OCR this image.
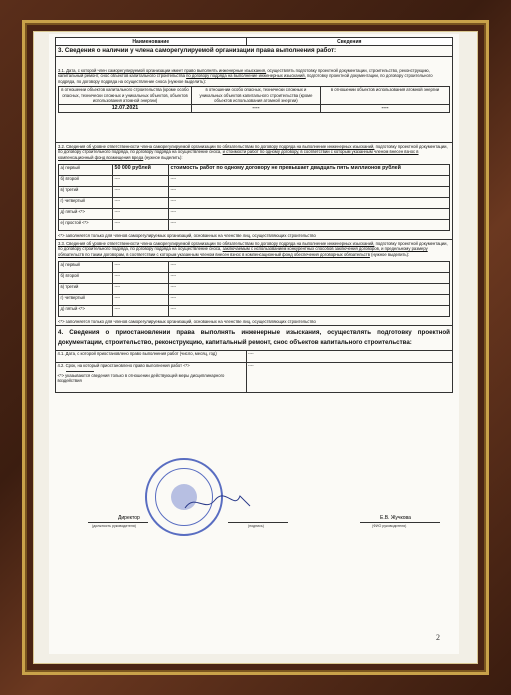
Наименование	Сведения
3. Сведения о наличии у члена саморегулируемой организации права выполнения работ:

3.1. Дата, с которой член саморегулируемой организации имеет право выполнять инженерные изыскания, осуществлять подготовку проектной документации, строительство, реконструкцию, капитальный ремонт, снос объектов капитального строительства по договору подряда на выполнение инженерных изысканий, подготовку проектной документации, по договору строительного подряда, по договору подряда на осуществление сноса (нужное выделить):
в отношении объектов капитального строительства (кроме особо опасных, технически сложных и уникальных объектов, объектов использования атомной энергии)	в отношении особо опасных, технически сложных и уникальных объектов капитального строительства (кроме объектов использования атомной энергии)	в отношении объектов использования атомной энергии
12.07.2021	----	----

3.2. Сведения об уровне ответственности члена саморегулируемой организации по обязательствам по договору подряда на выполнение инженерных изысканий, подготовку проектной документации, по договору строительного подряда, по договору подряда на осуществление сноса, и стоимости работ по одному договору, в соответствии с которым указанным членом внесен взнос в компенсационный фонд возмещения вреда (нужное выделить):
а) первый	50 000 рублей	стоимость работ по одному договору не превышает двадцать пять миллионов рублей
б) второй	----	----
в) третий	----	----
г) четвертый	----	----
д) пятый <*>	----	----
е) простой <*>	----	----
<*> заполняется только для членов саморегулируемых организаций, основанных на членстве лиц, осуществляющих строительство

3.3. Сведения об уровне ответственности члена саморегулируемой организации по обязательствам по договору подряда на выполнение инженерных изысканий, подготовку проектной документации, по договору строительного подряда, по договору подряда на осуществление сноса, заключаемым с использованием конкурентных способов заключения договоров, и предельному размеру обязательств по таким договорам, в соответствии с которым указанным членом внесен взнос в компенсационный фонд обеспечения договорных обязательств (нужное выделить):
а) первый	----	----
б) второй	----	----
в) третий	----	----
г) четвертый	----	----
д) пятый <*>	----	----
<*> заполняется только для членов саморегулируемых организаций, основанных на членстве лиц, осуществляющих строительство

4. Сведения о приостановлении права выполнять инженерные изыскания, осуществлять подготовку проектной документации, строительство, реконструкцию, капитальный ремонт, снос объектов капитального строительства:
4.1. Дата, с которой приостановлено право выполнения работ (число, месяц, год)	----

4.2. Срок, на который приостановлено право выполнения работ <*>
<*> указываются сведения только в отношении действующей меры дисциплинарного воздействия
	----
Директор
(должность руководителя)	(подпись)
Е.В. Жучкова
(ФИО руководителя)
2
